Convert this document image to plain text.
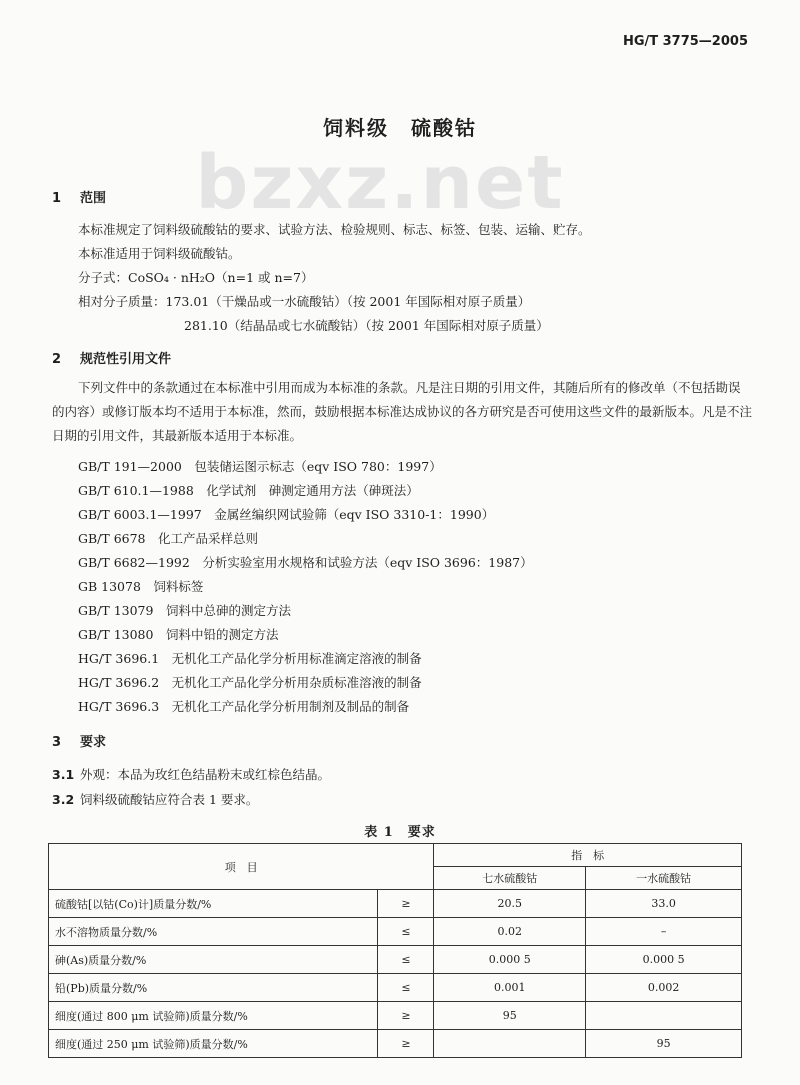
bzxz.net
HG/T 3775—2005
饲料级　硫酸钴
1 范围
本标准规定了饲料级硫酸钴的要求、试验方法、检验规则、标志、标签、包装、运输、贮存。
本标准适用于饲料级硫酸钴。
分子式：CoSO₄ · nH₂O（n=1 或 n=7）
相对分子质量：173.01（干燥品或一水硫酸钴）（按 2001 年国际相对原子质量）
281.10（结晶品或七水硫酸钴）（按 2001 年国际相对原子质量）
2 规范性引用文件
下列文件中的条款通过在本标准中引用而成为本标准的条款。凡是注日期的引用文件，其随后所有的修改单（不包括勘误的内容）或修订版本均不适用于本标准，然而，鼓励根据本标准达成协议的各方研究是否可使用这些文件的最新版本。凡是不注日期的引用文件，其最新版本适用于本标准。
GB/T 191—2000　包装储运图示标志（eqv ISO 780：1997）
GB/T 610.1—1988　化学试剂　砷测定通用方法（砷斑法）
GB/T 6003.1—1997　金属丝编织网试验筛（eqv ISO 3310-1：1990）
GB/T 6678　化工产品采样总则
GB/T 6682—1992　分析实验室用水规格和试验方法（eqv ISO 3696：1987）
GB 13078　饲料标签
GB/T 13079　饲料中总砷的测定方法
GB/T 13080　饲料中铅的测定方法
HG/T 3696.1　无机化工产品化学分析用标准滴定溶液的制备
HG/T 3696.2　无机化工产品化学分析用杂质标准溶液的制备
HG/T 3696.3　无机化工产品化学分析用制剂及制品的制备
3 要求
3.1 外观：本品为玫红色结晶粉末或红棕色结晶。
3.2 饲料级硫酸钴应符合表 1 要求。
表 1　要求
项　目		指　标	
		七水硫酸钴	一水硫酸钴
硫酸钴[以钴(Co)计]质量分数/%	≥	20.5	33.0
水不溶物质量分数/%	≤	0.02	–
砷(As)质量分数/%	≤	0.000 5	0.000 5
铅(Pb)质量分数/%	≤	0.001	0.002
细度(通过 800 μm 试验筛)质量分数/%	≥	95	
细度(通过 250 μm 试验筛)质量分数/%	≥		95
